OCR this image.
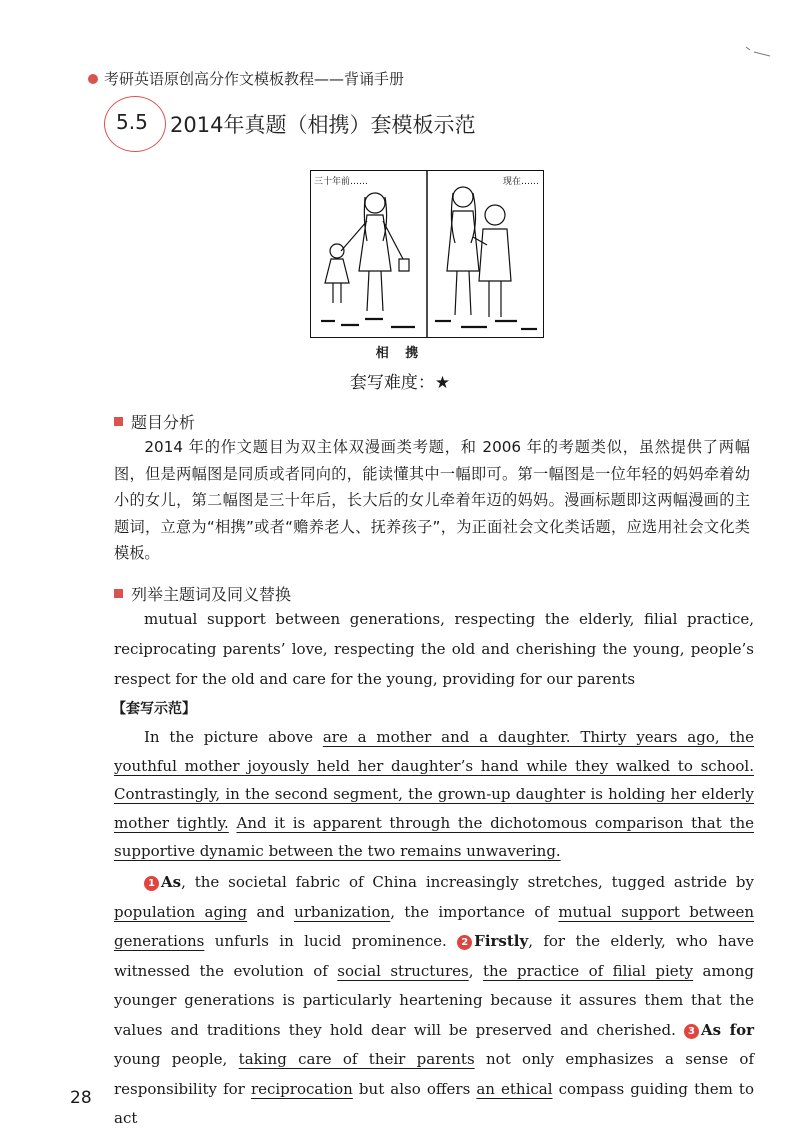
考研英语原创高分作文模板教程——背诵手册
5.5 2014年真题（相携）套模板示范
三十年前……	现在……
相 携
套写难度：★
题目分析

2014 年的作文题目为双主体双漫画类考题，和 2006 年的考题类似，虽然提供了两幅图，但是两幅图是同质或者同向的，能读懂其中一幅即可。第一幅图是一位年轻的妈妈牵着幼小的女儿，第二幅图是三十年后，长大后的女儿牵着年迈的妈妈。漫画标题即这两幅漫画的主题词，立意为“相携”或者“赡养老人、抚养孩子”，为正面社会文化类话题，应选用社会文化类模板。

列举主题词及同义替换

mutual support between generations, respecting the elderly, filial practice, reciprocating parents’ love, respecting the old and cherishing the young, people’s respect for the old and care for the young, providing for our parents

【套写示范】

In the picture above are a mother and a daughter. Thirty years ago, the youthful mother joyously held her daughter’s hand while they walked to school. Contrastingly, in the second segment, the grown-up daughter is holding her elderly mother tightly. And it is apparent through the dichotomous comparison that the supportive dynamic between the two remains unwavering.

1 As, the societal fabric of China increasingly stretches, tugged astride by population aging and urbanization, the importance of mutual support between generations unfurls in lucid prominence. 2 Firstly, for the elderly, who have witnessed the evolution of social structures, the practice of filial piety among younger generations is particularly heartening because it assures them that the values and traditions they hold dear will be preserved and cherished. 3 As for young people, taking care of their parents not only emphasizes a sense of responsibility for reciprocation but also offers an ethical compass guiding them to act

28
